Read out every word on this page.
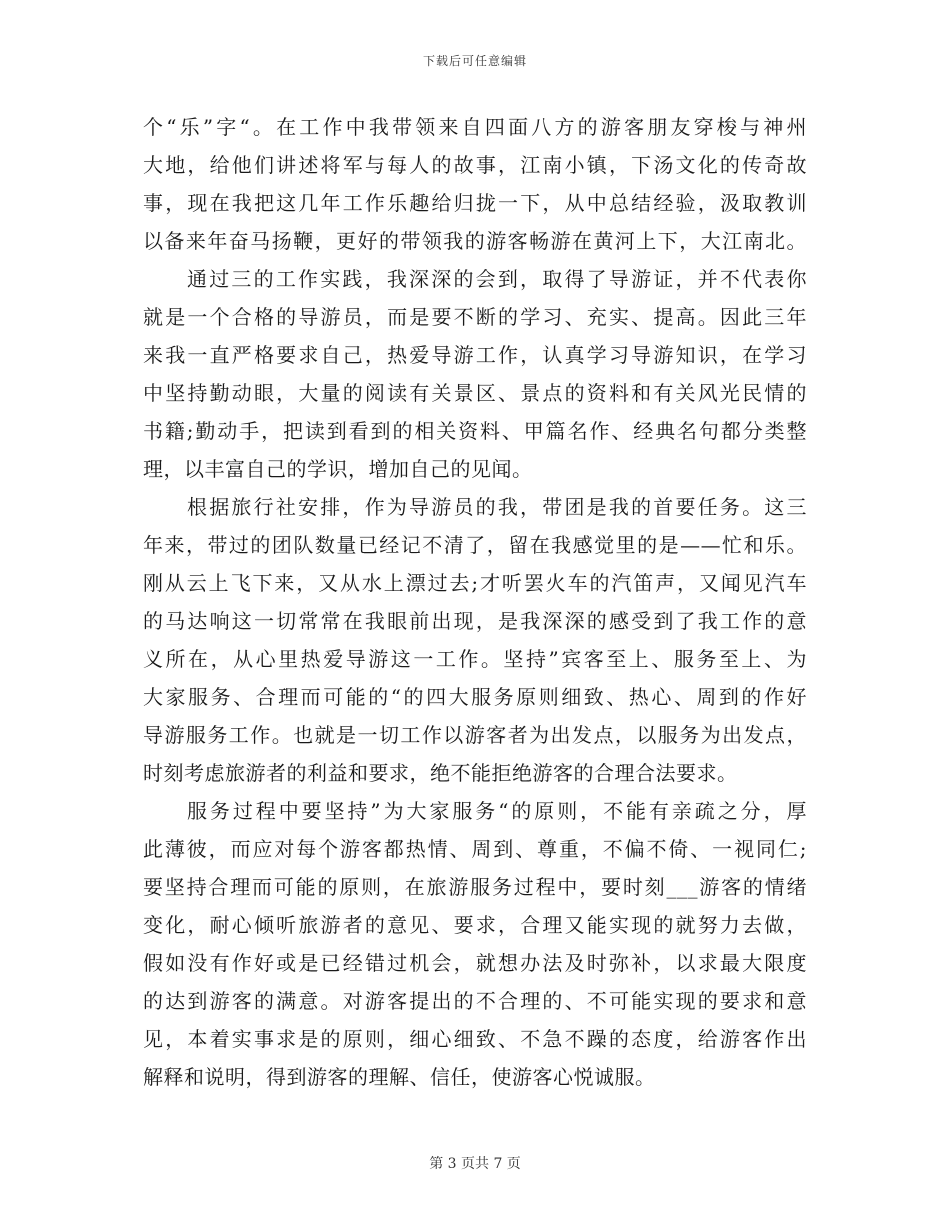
下载后可任意编辑
个“乐”字“。在工作中我带领来自四面八方的游客朋友穿梭与神州
大地，给他们讲述将军与每人的故事，江南小镇，下汤文化的传奇故
事，现在我把这几年工作乐趣给归拢一下，从中总结经验，汲取教训
以备来年奋马扬鞭，更好的带领我的游客畅游在黄河上下，大江南北。
通过三的工作实践，我深深的会到，取得了导游证，并不代表你
就是一个合格的导游员，而是要不断的学习、充实、提高。因此三年
来我一直严格要求自己，热爱导游工作，认真学习导游知识，在学习
中坚持勤动眼，大量的阅读有关景区、景点的资料和有关风光民情的
书籍;勤动手，把读到看到的相关资料、甲篇名作、经典名句都分类整
理，以丰富自己的学识，增加自己的见闻。
根据旅行社安排，作为导游员的我，带团是我的首要任务。这三
年来，带过的团队数量已经记不清了，留在我感觉里的是——忙和乐。
刚从云上飞下来，又从水上漂过去;才听罢火车的汽笛声，又闻见汽车
的马达响这一切常常在我眼前出现，是我深深的感受到了我工作的意
义所在，从心里热爱导游这一工作。坚持”宾客至上、服务至上、为
大家服务、合理而可能的“的四大服务原则细致、热心、周到的作好
导游服务工作。也就是一切工作以游客者为出发点，以服务为出发点，
时刻考虑旅游者的利益和要求，绝不能拒绝游客的合理合法要求。
服务过程中要坚持”为大家服务“的原则，不能有亲疏之分，厚
此薄彼，而应对每个游客都热情、周到、尊重，不偏不倚、一视同仁;
要坚持合理而可能的原则，在旅游服务过程中，要时刻___游客的情绪
变化，耐心倾听旅游者的意见、要求，合理又能实现的就努力去做，
假如没有作好或是已经错过机会，就想办法及时弥补，以求最大限度
的达到游客的满意。对游客提出的不合理的、不可能实现的要求和意
见，本着实事求是的原则，细心细致、不急不躁的态度，给游客作出
解释和说明，得到游客的理解、信任，使游客心悦诚服。
第 3 页共 7 页
